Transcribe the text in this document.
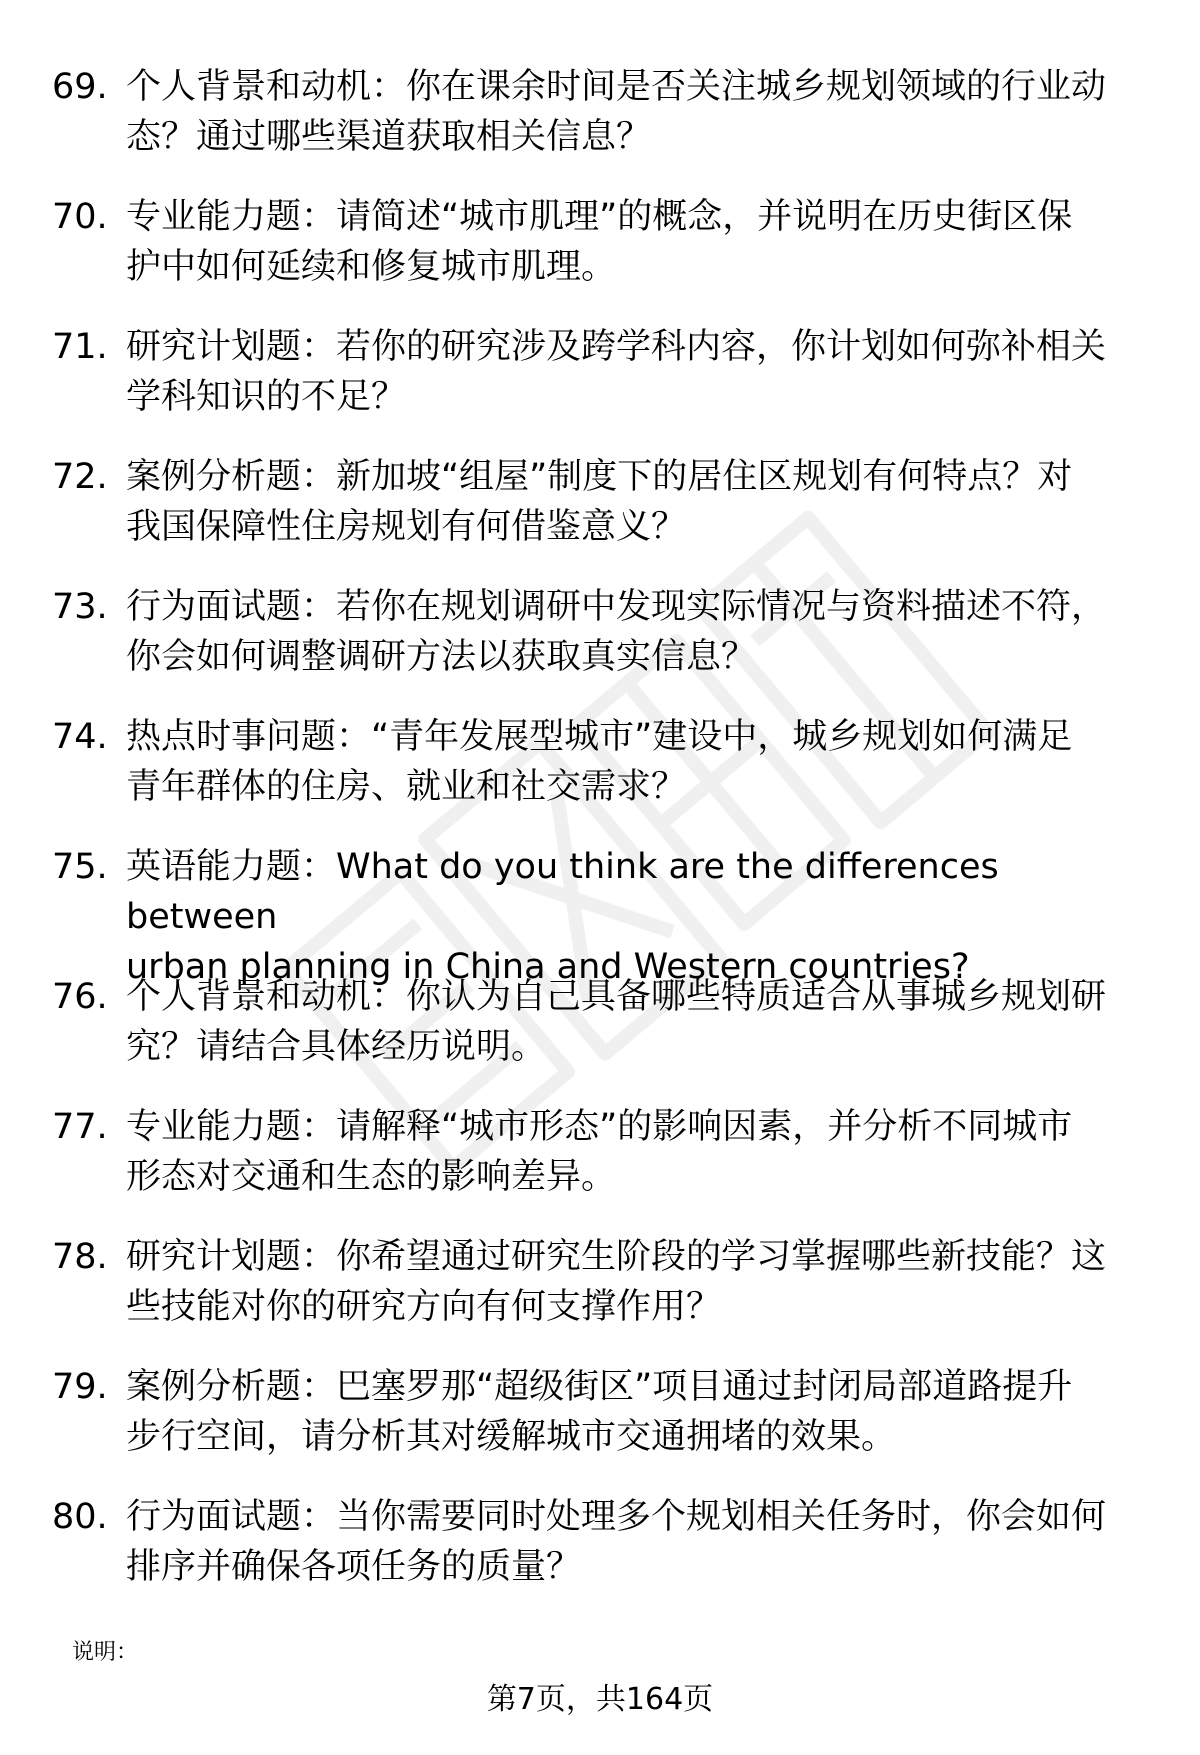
69. 个人背景和动机：你在课余时间是否关注城乡规划领域的行业动
态？通过哪些渠道获取相关信息？
70. 专业能力题：请简述“城市肌理”的概念，并说明在历史街区保
护中如何延续和修复城市肌理。
71. 研究计划题：若你的研究涉及跨学科内容，你计划如何弥补相关
学科知识的不足？
72. 案例分析题：新加坡“组屋”制度下的居住区规划有何特点？对
我国保障性住房规划有何借鉴意义？
73. 行为面试题：若你在规划调研中发现实际情况与资料描述不符，
你会如何调整调研方法以获取真实信息？
74. 热点时事问题：“青年发展型城市”建设中，城乡规划如何满足
青年群体的住房、就业和社交需求？
75. 英语能力题：What do you think are the differences between
urban planning in China and Western countries?
76. 个人背景和动机：你认为自己具备哪些特质适合从事城乡规划研
究？请结合具体经历说明。
77. 专业能力题：请解释“城市形态”的影响因素，并分析不同城市
形态对交通和生态的影响差异。
78. 研究计划题：你希望通过研究生阶段的学习掌握哪些新技能？这
些技能对你的研究方向有何支撑作用？
79. 案例分析题：巴塞罗那“超级街区”项目通过封闭局部道路提升
步行空间，请分析其对缓解城市交通拥堵的效果。
80. 行为面试题：当你需要同时处理多个规划相关任务时，你会如何
排序并确保各项任务的质量？
说明：
第7页，共164页
